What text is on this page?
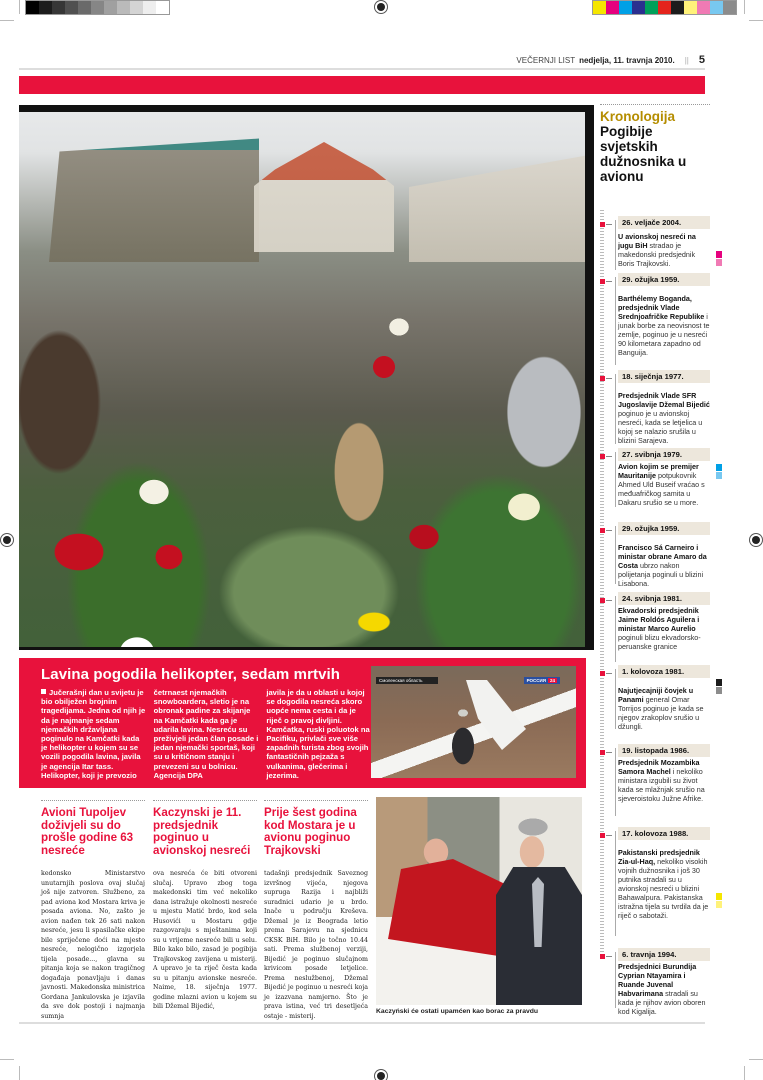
VEČERNJI LIST nedjelja, 11. travnja 2010. || 5
Lavina pogodila helikopter, sedam mrtvih

Jučerašnji dan u svijetu je bio obilježen brojnim tragedijama. Jedna od njih je da je najmanje sedam njemačkih državljana poginulo na Kamčatki kada je helikopter u kojem su se vozili pogodila lavina, javila je agencija Itar tass. Helikopter, koji je prevozio

četrnaest njemačkih snowboardera, sletio je na obronak padine za skijanje na Kamčatki kada ga je udarila lavina. Nesreću su preživjeli jedan član posade i jedan njemački sportaš, koji su u kritičnom stanju i prevezeni su u bolnicu. Agencija DPA

javila je da u oblasti u kojoj se dogodila nesreća skoro uopće nema cesta i da je riječ o pravoj divljini. Kamčatka, ruski poluotok na Pacifiku, privlači sve više zapadnih turista zbog svojih fantastičnih pejzaža s vulkanima, glečerima i jezerima.

Смоленская область	РОССИЯ 24
Avioni Tupoljev doživjeli su do prošle godine 63 nesreće

kedonsko Ministarstvo unutarnjih poslova ovaj slučaj još nije zatvoren. Službeno, za pad aviona kod Mostara kriva je posada aviona. No, zašto je avion nađen tek 26 sati nakon nesreće, jesu li spasilačke ekipe bile spriječene doći na mjesto nesreće, nelogično izgorjela tijela posade..., glavna su pitanja koja se nakon tragičnog događaja ponavljaju i danas javnosti. Makedonska ministrica Gordana Jankulovska je izjavila da sve dok postoji i najmanja sumnja

Kaczynski je 11. predsjednik poginuo u avionskoj nesreći

ova nesreća će biti otvoreni slučaj. Upravo zbog toga makedonski tim već nekoliko dana istražuje okolnosti nesreće u mjestu Matić brdo, kod sela Husovići u Mostaru gdje razgovaraju s mještanima koji su u vrijeme nesreće bili u selu. Bilo kako bilo, zasad je pogibija Trajkovskog zavijena u misterij. A upravo je ta riječ česta kada su u pitanju avionske nesreće. Naime, 18. siječnja 1977. godine mlazni avion u kojem su bili Džemal Bijedić,

Prije šest godina kod Mostara je u avionu poginuo Trajkovski

tadašnji predsjednik Saveznog izvršnog vijeća, njegova supruga Razija i najbliži suradnici udario je u brdo. Inače u području Kreševa. Džemal je iz Beograda letio prema Sarajevu na sjednicu CKSK BiH. Bilo je točno 10.44 sati. Prema službenoj verziji, Bijedić je poginuo slučajnom krivicom posade letjelice. Prema neslužbenoj, Džemal Bijedić je poginuo u nesreći koja je izazvana namjerno. Što je prava istina, već tri desetljeća ostaje - misterij.

Kaczyński će ostati upamćen kao borac za pravdu
Kronologija
Pogibije svjetskih dužnosnika u avionu
26. veljače 2004.
U avionskoj nesreći na jugu BiH stradao je makedonski predsjednik Boris Trajkovski.
29. ožujka 1959.
Barthélemy Boganda, predsjednik Vlade Srednjoafričke Republike i junak borbe za neovisnost te zemlje, poginuo je u nesreći 90 kilometara zapadno od Banguija.
18. siječnja 1977.
Predsjednik Vlade SFR Jugoslavije Džemal Bijedić poginuo je u avionskoj nesreći, kada se letjelica u kojoj se nalazio srušila u blizini Sarajeva.
27. svibnja 1979.
Avion kojim se premijer Mauritanije potpukovnik Ahmed Uld Buseif vraćao s međuafričkog samita u Dakaru srušio se u more.
29. ožujka 1959.
Francisco Sá Carneiro i ministar obrane Amaro da Costa ubrzo nakon polijetanja poginuli u blizini Lisabona.
24. svibnja 1981.
Ekvadorski predsjednik Jaime Roldós Aguilera i ministar Marco Aurelio poginuli blizu ekvadorsko-peruanske granice
1. kolovoza 1981.
Najutjecajniji čovjek u Panami general Omar Torrijos poginuo je kada se njegov zrakoplov srušio u džungli.
19. listopada 1986.
Predsjednik Mozambika Samora Machel i nekoliko ministara izgubili su život kada se mlažnjak srušio na sjeveroistoku Južne Afrike.
17. kolovoza 1988.
Pakistanski predsjednik Zia-ul-Haq, nekoliko visokih vojnih dužnosnika i još 30 putnika stradali su u avionskoj nesreći u blizini Bahawalpura. Pakistanska istražna tijela su tvrdila da je riječ o sabotaži.
6. travnja 1994.
Predsjednici Burundija Cyprian Ntayamira i Ruande Juvenal Habvarimana stradali su kada je njihov avion oboren kod Kigalija.
